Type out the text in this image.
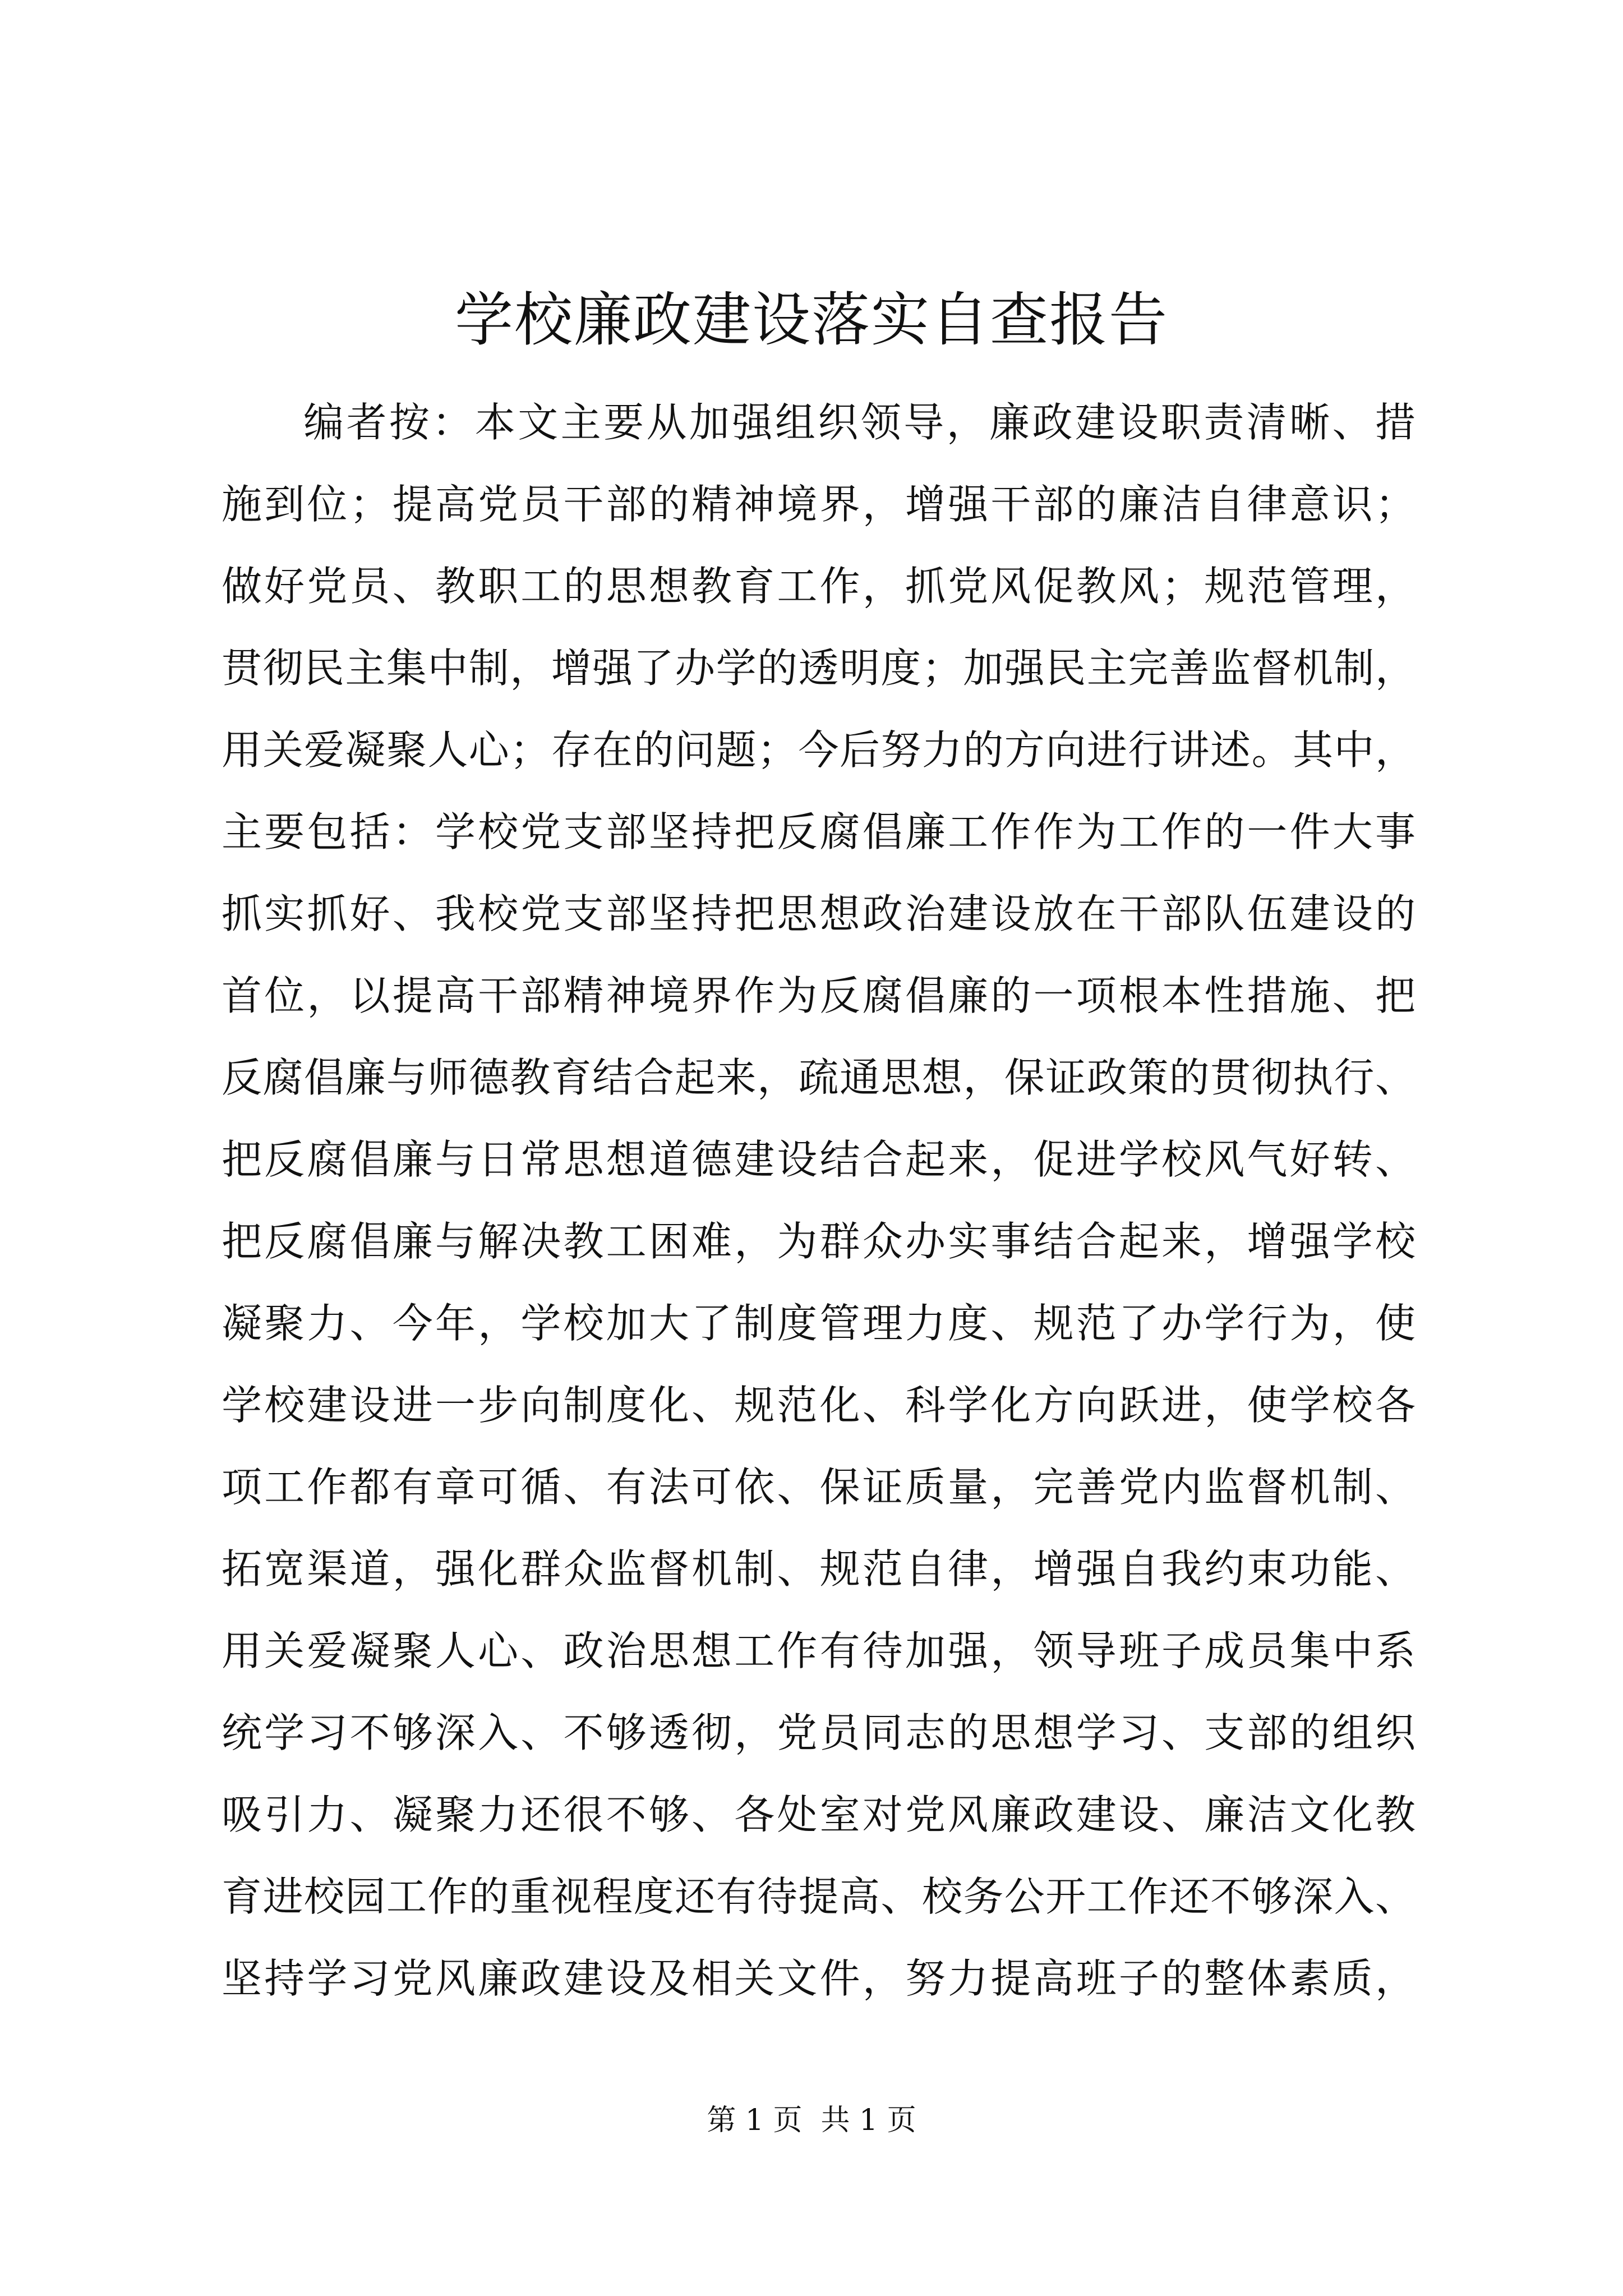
学校廉政建设落实自查报告
编者按：本文主要从加强组织领导，廉政建设职责清晰、措
施到位；提高党员干部的精神境界，增强干部的廉洁自律意识；
做好党员、教职工的思想教育工作，抓党风促教风；规范管理，
贯彻民主集中制，增强了办学的透明度；加强民主完善监督机制，
用关爱凝聚人心；存在的问题；今后努力的方向进行讲述。其中，
主要包括：学校党支部坚持把反腐倡廉工作作为工作的一件大事
抓实抓好、我校党支部坚持把思想政治建设放在干部队伍建设的
首位，以提高干部精神境界作为反腐倡廉的一项根本性措施、把
反腐倡廉与师德教育结合起来，疏通思想，保证政策的贯彻执行、
把反腐倡廉与日常思想道德建设结合起来，促进学校风气好转、
把反腐倡廉与解决教工困难，为群众办实事结合起来，增强学校
凝聚力、今年，学校加大了制度管理力度、规范了办学行为，使
学校建设进一步向制度化、规范化、科学化方向跃进，使学校各
项工作都有章可循、有法可依、保证质量，完善党内监督机制、
拓宽渠道，强化群众监督机制、规范自律，增强自我约束功能、
用关爱凝聚人心、政治思想工作有待加强，领导班子成员集中系
统学习不够深入、不够透彻，党员同志的思想学习、支部的组织
吸引力、凝聚力还很不够、各处室对党风廉政建设、廉洁文化教
育进校园工作的重视程度还有待提高、校务公开工作还不够深入、
坚持学习党风廉政建设及相关文件，努力提高班子的整体素质，
第 1 页  共 1 页
